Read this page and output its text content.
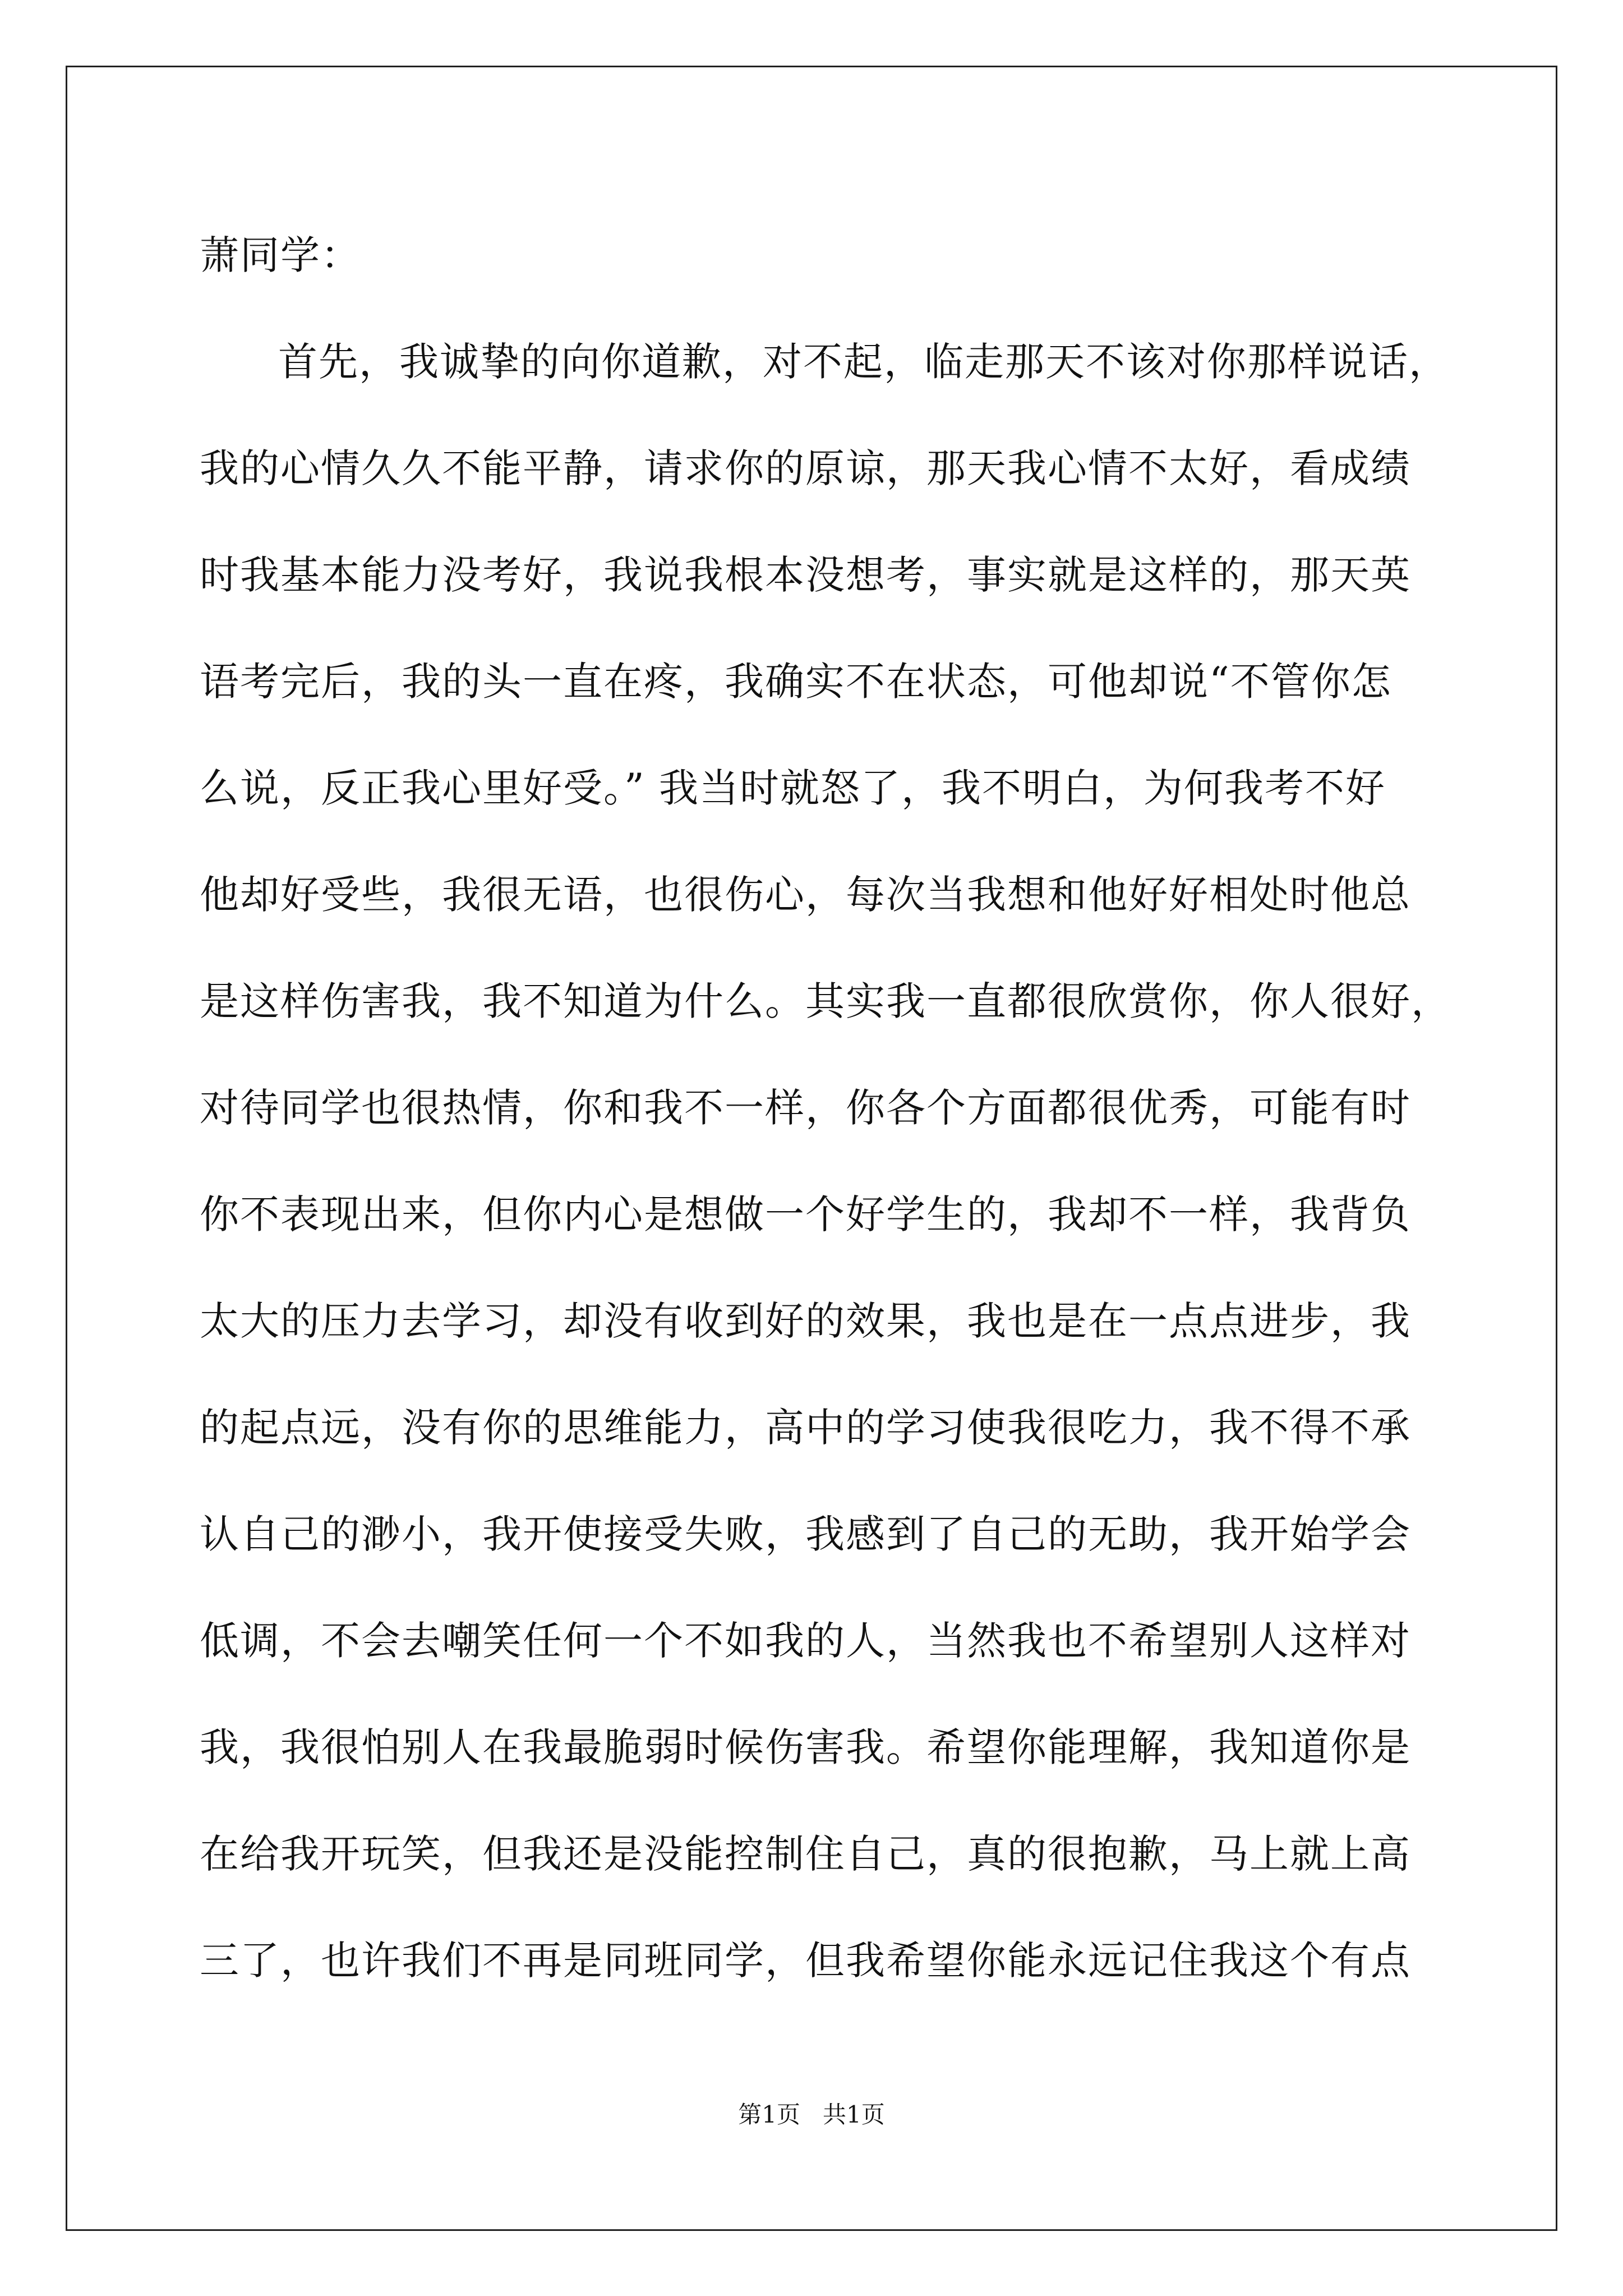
萧同学：
首先，我诚挚的向你道歉，对不起，临走那天不该对你那样说话，
我的心情久久不能平静，请求你的原谅，那天我心情不太好，看成绩
时我基本能力没考好，我说我根本没想考，事实就是这样的，那天英
语考完后，我的头一直在疼，我确实不在状态，可他却说“不管你怎
么说，反正我心里好受。” 我当时就怒了，我不明白，为何我考不好
他却好受些，我很无语，也很伤心，每次当我想和他好好相处时他总
是这样伤害我，我不知道为什么。其实我一直都很欣赏你，你人很好，
对待同学也很热情，你和我不一样，你各个方面都很优秀，可能有时
你不表现出来，但你内心是想做一个好学生的，我却不一样，我背负
太大的压力去学习，却没有收到好的效果，我也是在一点点进步，我
的起点远，没有你的思维能力，高中的学习使我很吃力，我不得不承
认自己的渺小，我开使接受失败，我感到了自己的无助，我开始学会
低调，不会去嘲笑任何一个不如我的人，当然我也不希望别人这样对
我，我很怕别人在我最脆弱时候伤害我。希望你能理解，我知道你是
在给我开玩笑，但我还是没能控制住自己，真的很抱歉，马上就上高
三了，也许我们不再是同班同学，但我希望你能永远记住我这个有点
第1页   共1页
